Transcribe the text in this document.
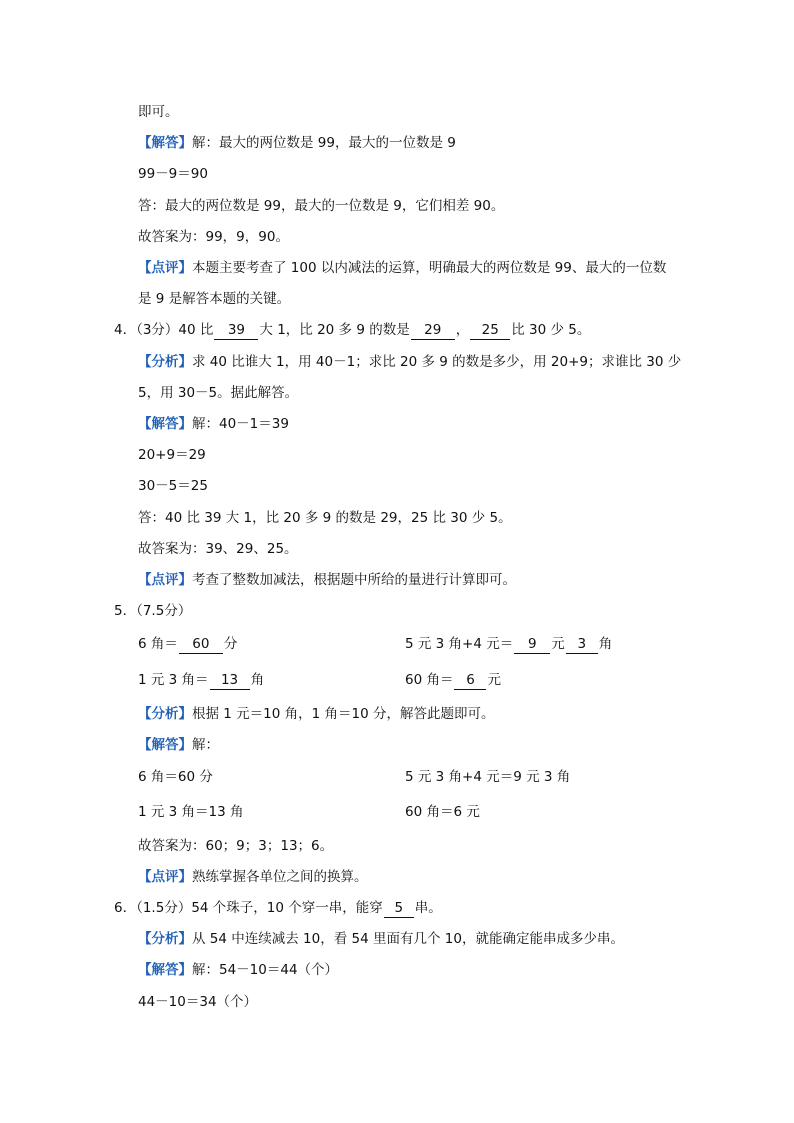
即可。
【解答】解：最大的两位数是 99，最大的一位数是 9
99－9＝90
答：最大的两位数是 99，最大的一位数是 9，它们相差 90。
故答案为：99，9，90。
【点评】本题主要考查了 100 以内减法的运算，明确最大的两位数是 99、最大的一位数
是 9 是解答本题的关键。
4．（3分）40 比 39 大 1，比 20 多 9 的数是 29 ， 25 比 30 少 5。
【分析】求 40 比谁大 1，用 40－1；求比 20 多 9 的数是多少，用 20+9；求谁比 30 少
5，用 30－5。据此解答。
【解答】解：40－1＝39
20+9＝29
30－5＝25
答：40 比 39 大 1，比 20 多 9 的数是 29，25 比 30 少 5。
故答案为：39、29、25。
【点评】考查了整数加减法，根据题中所给的量进行计算即可。
5．（7.5分）
6 角＝ 60 分	5 元 3 角+4 元＝ 9 元 3 角
1 元 3 角＝ 13 角	60 角＝ 6 元
【分析】根据 1 元＝10 角，1 角＝10 分，解答此题即可。
【解答】解：
6 角＝60 分	5 元 3 角+4 元＝9 元 3 角
1 元 3 角＝13 角	60 角＝6 元
故答案为：60；9；3；13；6。
【点评】熟练掌握各单位之间的换算。
6．（1.5分）54 个珠子，10 个穿一串，能穿 5 串。
【分析】从 54 中连续减去 10，看 54 里面有几个 10，就能确定能串成多少串。
【解答】解：54－10＝44（个）
44－10＝34（个）
